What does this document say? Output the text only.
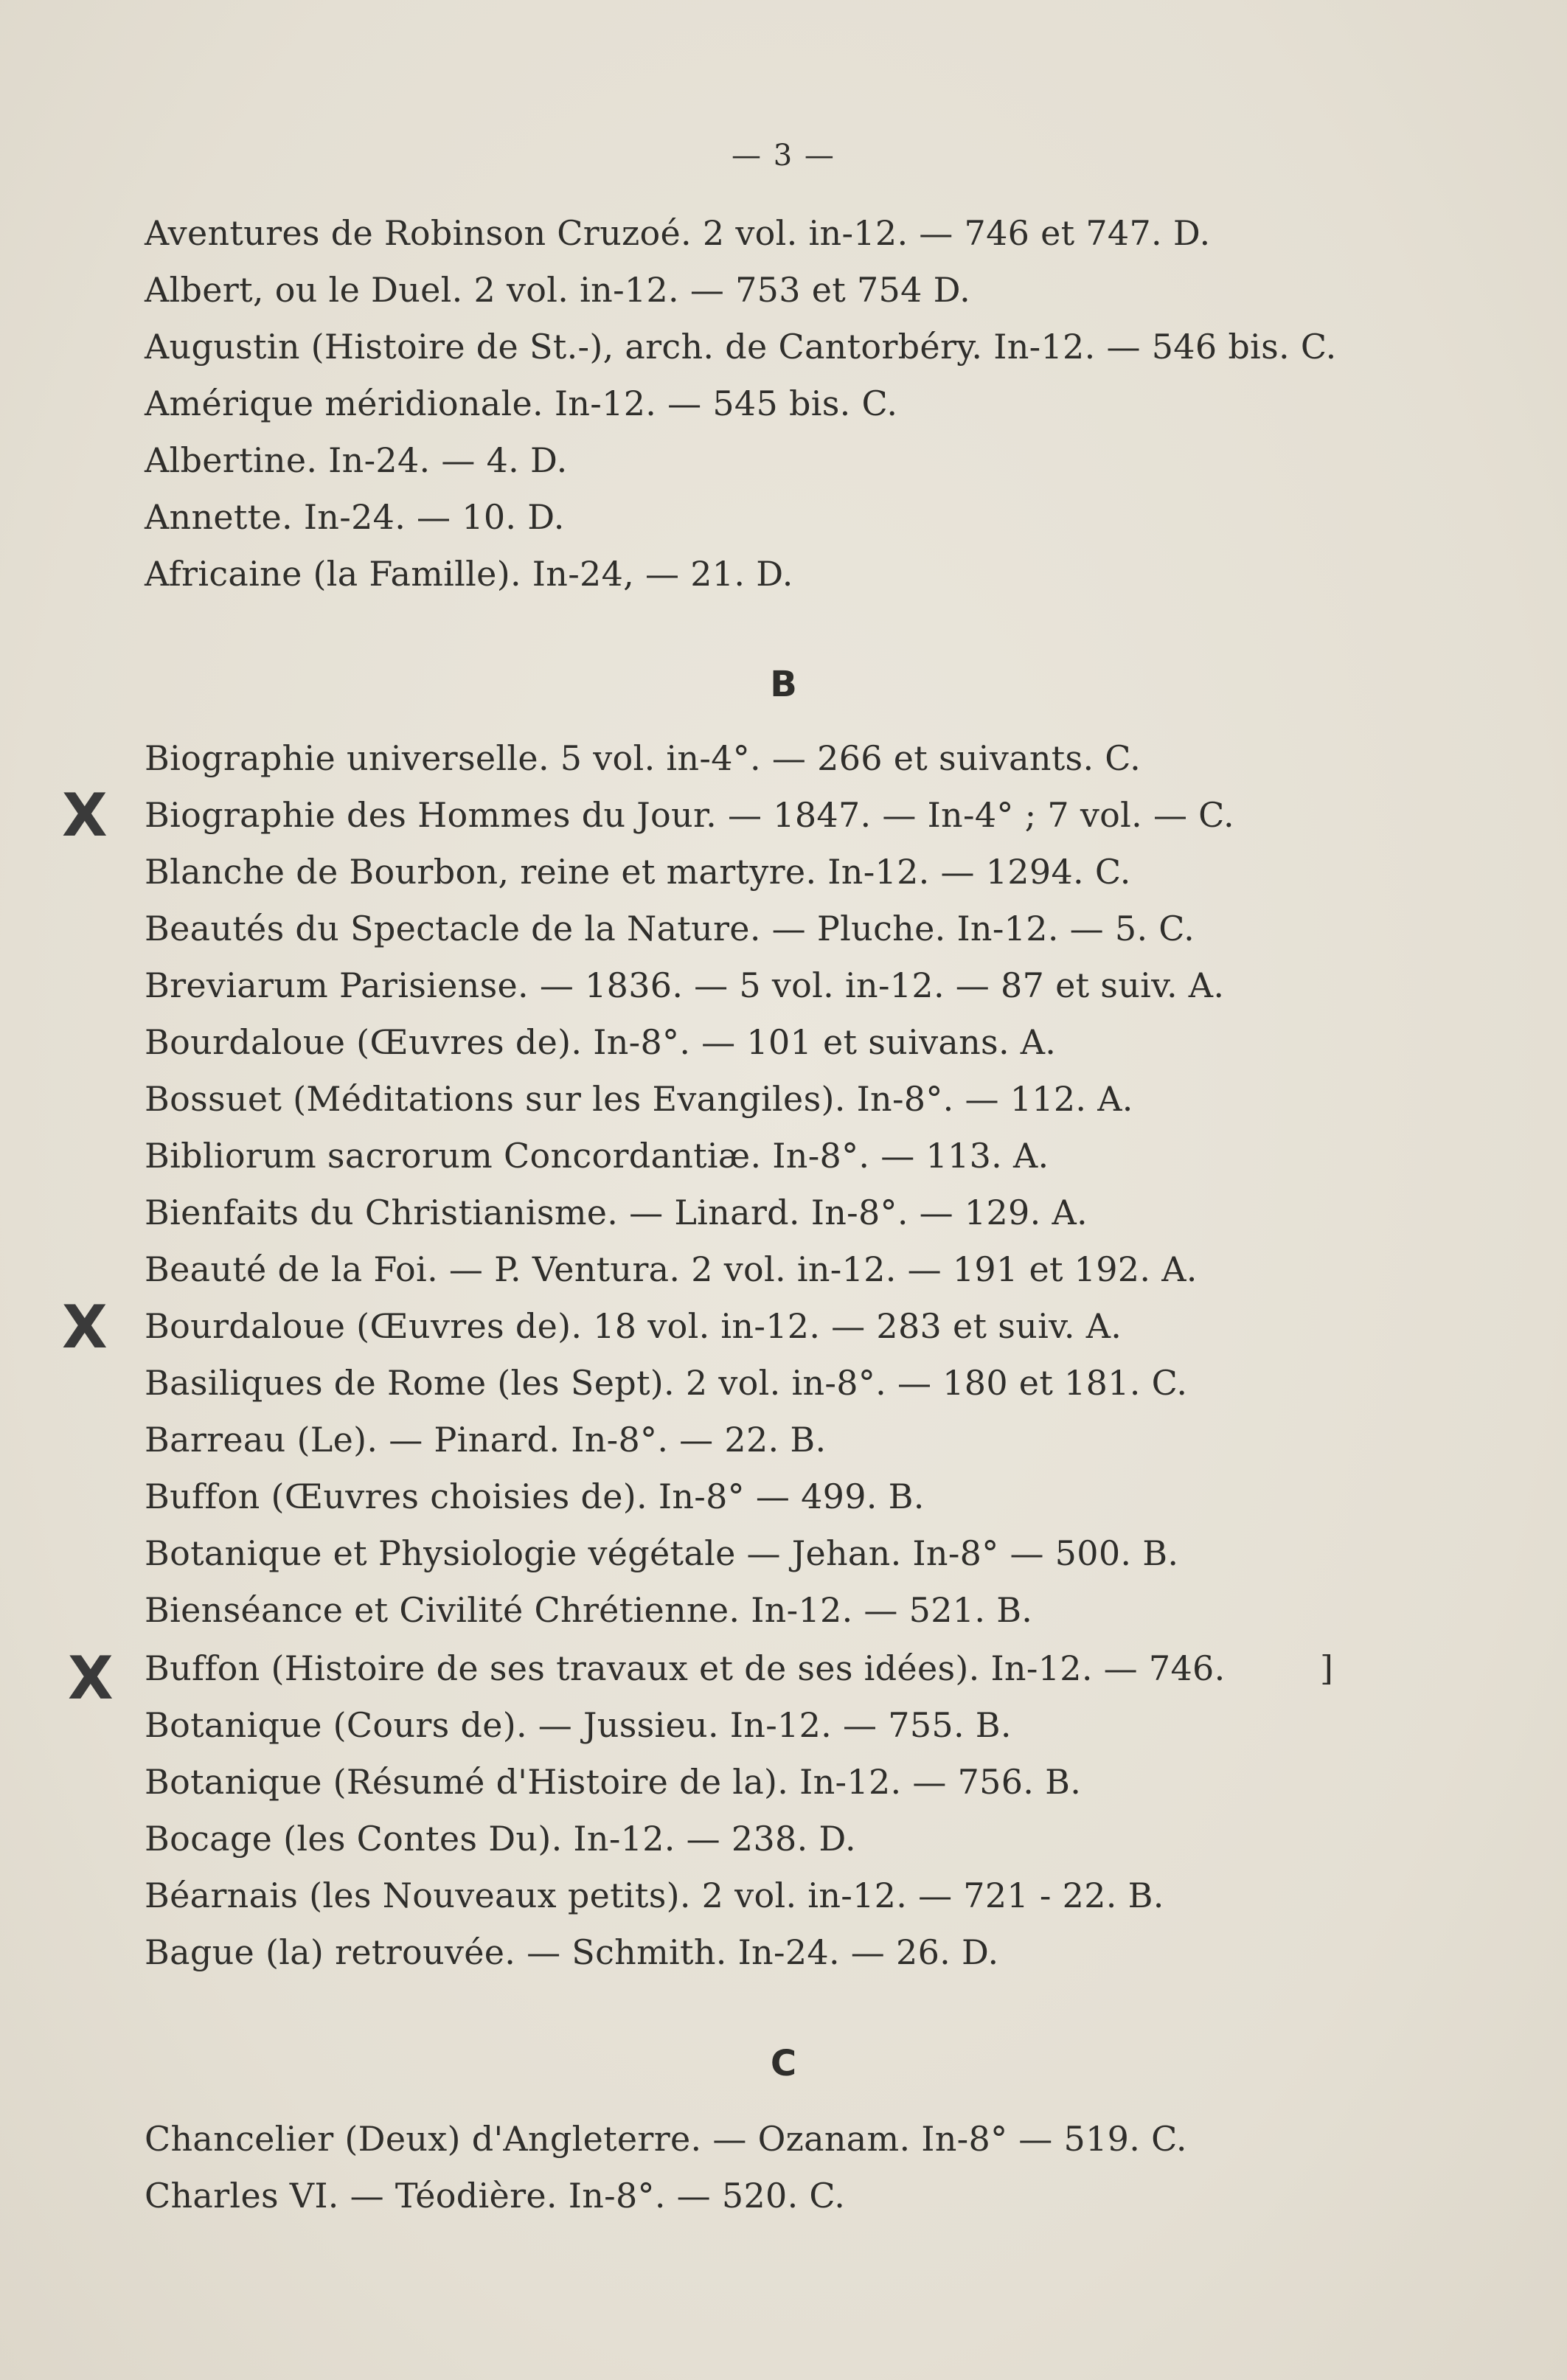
— 3 —
Aventures de Robinson Cruzoé. 2 vol. in-12. — 746 et 747. D.
Albert, ou le Duel. 2 vol. in-12. — 753 et 754 D.
Augustin (Histoire de St.-), arch. de Cantorbéry. In-12. — 546 bis. C.
Amérique méridionale. In-12. — 545 bis. C.
Albertine. In-24. — 4. D.
Annette. In-24. — 10. D.
Africaine (la Famille). In-24, — 21. D.
B
Biographie universelle. 5 vol. in-4°. — 266 et suivants. C.
Biographie des Hommes du Jour. — 1847. — In-4° ; 7 vol. — C.
Blanche de Bourbon, reine et martyre. In-12. — 1294. C.
Beautés du Spectacle de la Nature. — Pluche. In-12. — 5. C.
Breviarum Parisiense. — 1836. — 5 vol. in-12. — 87 et suiv. A.
Bourdaloue (Œuvres de). In-8°. — 101 et suivans. A.
Bossuet (Méditations sur les Evangiles). In-8°. — 112. A.
Bibliorum sacrorum Concordantiæ. In-8°. — 113. A.
Bienfaits du Christianisme. — Linard. In-8°. — 129. A.
Beauté de la Foi. — P. Ventura. 2 vol. in-12. — 191 et 192. A.
Bourdaloue (Œuvres de). 18 vol. in-12. — 283 et suiv. A.
Basiliques de Rome (les Sept). 2 vol. in-8°. — 180 et 181. C.
Barreau (Le). — Pinard. In-8°. — 22. B.
Buffon (Œuvres choisies de). In-8° — 499. B.
Botanique et Physiologie végétale — Jehan. In-8° — 500. B.
Bienséance et Civilité Chrétienne. In-12. — 521. B.
Buffon (Histoire de ses travaux et de ses idées). In-12. — 746.
Botanique (Cours de). — Jussieu. In-12. — 755. B.
Botanique (Résumé d'Histoire de la). In-12. — 756. B.
Bocage (les Contes Du). In-12. — 238. D.
Béarnais (les Nouveaux petits). 2 vol. in-12. — 721 - 22. B.
Bague (la) retrouvée. — Schmith. In-24. — 26. D.
C
Chancelier (Deux) d'Angleterre. — Ozanam. In-8° — 519. C.
Charles VI. — Téodière. In-8°. — 520. C.
X
X
X	]
